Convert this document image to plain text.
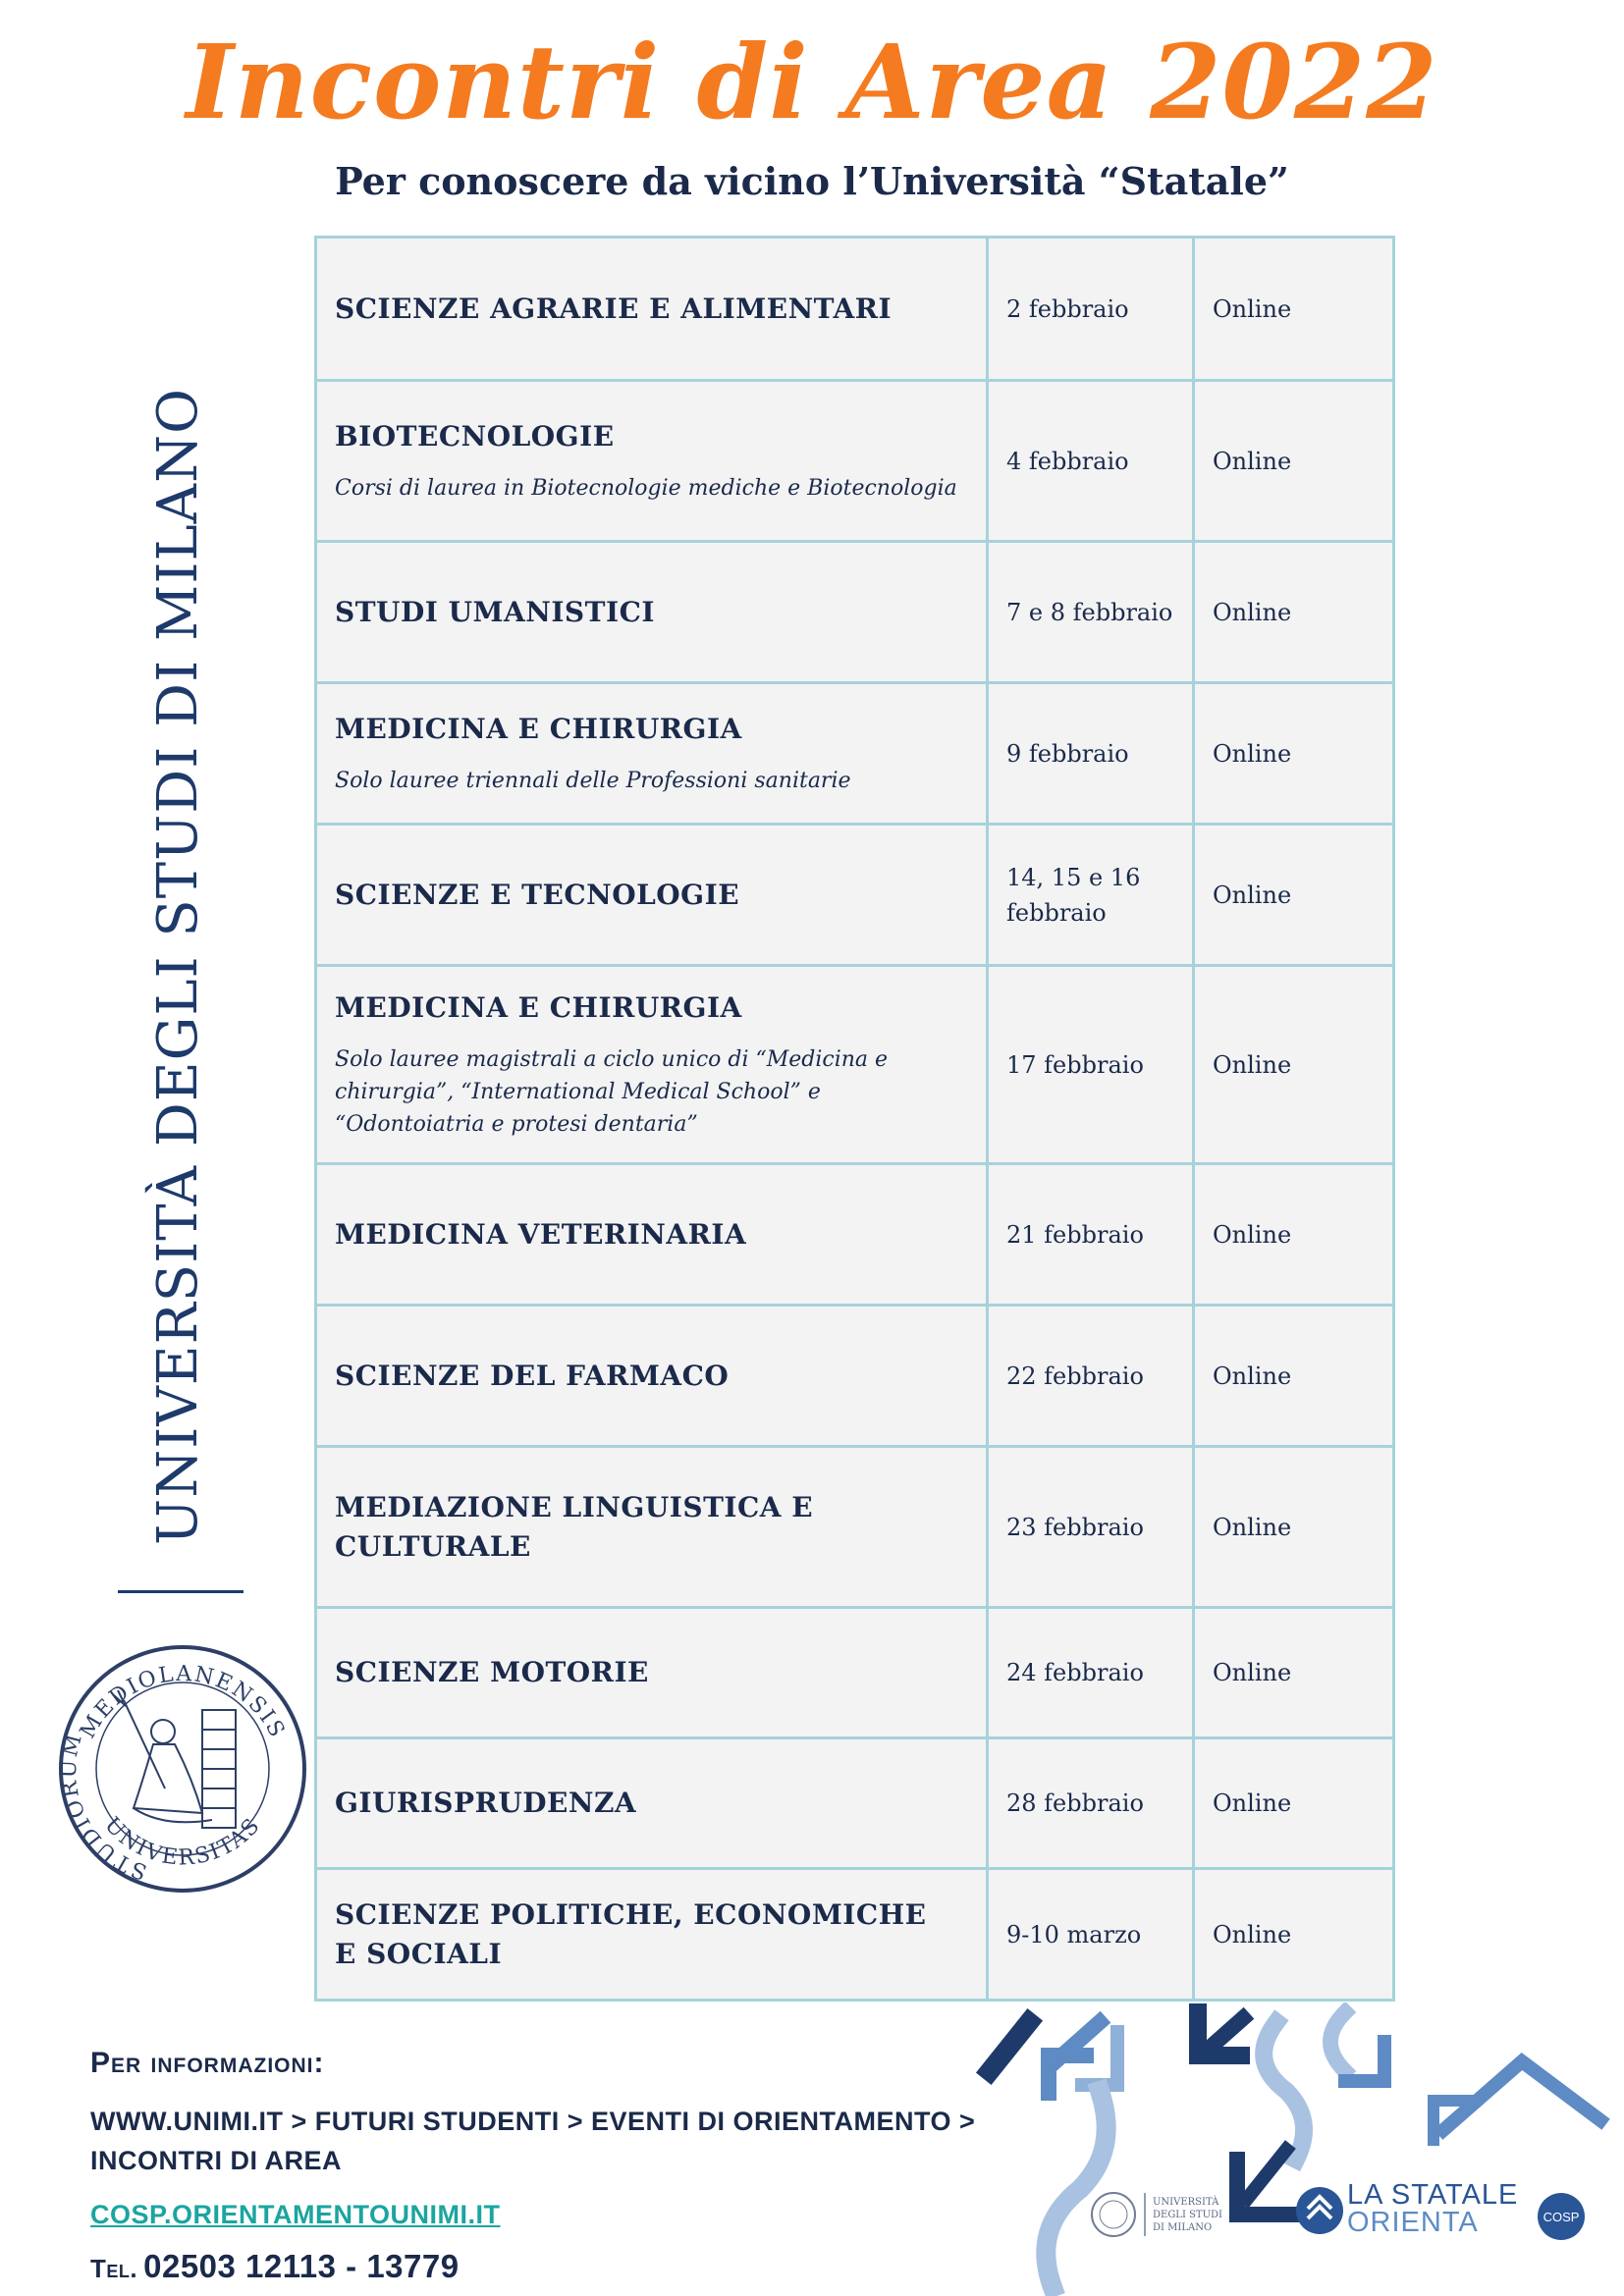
Incontri di Area 2022
Per conoscere da vicino l’Università “Statale”
UNIVERSITÀ DEGLI STUDI DI MILANO
MEDIOLANENSIS
STUDIORUM
UNIVERSITAS
SCIENZE AGRARIE E ALIMENTARI	2 febbraio	Online

BIOTECNOLOGIE
Corsi di laurea in Biotecnologie mediche e Biotecnologia	4 febbraio	Online

STUDI UMANISTICI	7 e 8 febbraio	Online

MEDICINA E CHIRURGIA
Solo lauree triennali delle Professioni sanitarie	9 febbraio	Online

SCIENZE E TECNOLOGIE	14, 15 e 16 febbraio	Online

MEDICINA E CHIRURGIA
Solo lauree magistrali a ciclo unico di “Medicina e chirurgia”, “International Medical School” e “Odontoiatria e protesi dentaria”	17 febbraio	Online

MEDICINA VETERINARIA	21 febbraio	Online

SCIENZE DEL FARMACO	22 febbraio	Online

MEDIAZIONE LINGUISTICA E CULTURALE	23 febbraio	Online

SCIENZE MOTORIE	24 febbraio	Online

GIURISPRUDENZA	28 febbraio	Online

SCIENZE POLITICHE, ECONOMICHE E SOCIALI	9-10 marzo	Online
Per informazioni:
WWW.UNIMI.IT > FUTURI STUDENTI > EVENTI DI ORIENTAMENTO > INCONTRI DI AREA
COSP.ORIENTAMENTOUNIMI.IT
Tel. 02503 12113 - 13779
UNIVERSITÀ
DEGLI STUDI
DI MILANO
COSP
LA STATALE
ORIENTA
